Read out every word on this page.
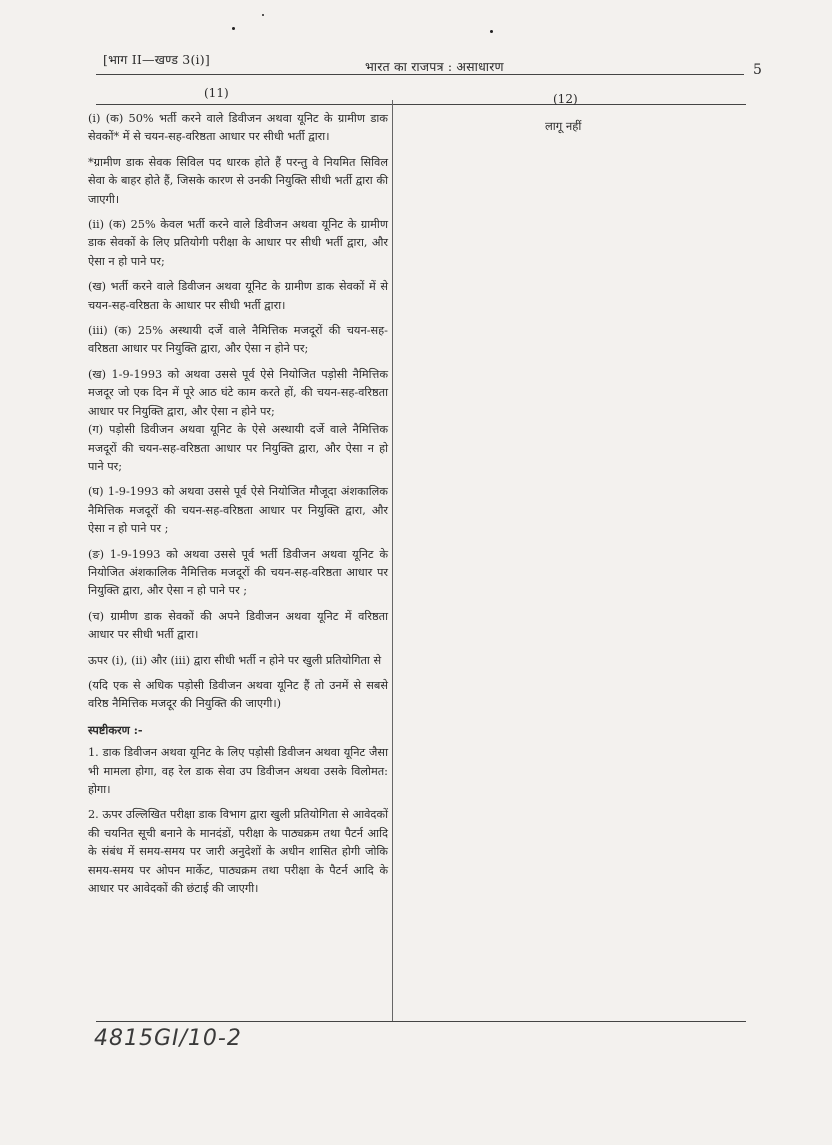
[भाग II—खण्ड 3(i)]	भारत का राजपत्र : असाधारण	5
(11)	(12)

(i) (क) 50% भर्ती करने वाले डिवीजन अथवा यूनिट के ग्रामीण डाक सेवकों* में से चयन-सह-वरिष्ठता आधार पर सीधी भर्ती द्वारा।

*ग्रामीण डाक सेवक सिविल पद धारक होते हैं परन्तु वे नियमित सिविल सेवा के बाहर होते हैं, जिसके कारण से उनकी नियुक्ति सीधी भर्ती द्वारा की जाएगी।

(ii) (क) 25% केवल भर्ती करने वाले डिवीजन अथवा यूनिट के ग्रामीण डाक सेवकों के लिए प्रतियोगी परीक्षा के आधार पर सीधी भर्ती द्वारा, और ऐसा न हो पाने पर;

(ख) भर्ती करने वाले डिवीजन अथवा यूनिट के ग्रामीण डाक सेवकों में से चयन-सह-वरिष्ठता के आधार पर सीधी भर्ती द्वारा।

(iii) (क) 25% अस्थायी दर्जे वाले नैमित्तिक मजदूरों की चयन-सह-वरिष्ठता आधार पर नियुक्ति द्वारा, और ऐसा न होने पर;

(ख) 1-9-1993 को अथवा उससे पूर्व ऐसे नियोजित पड़ोसी नैमित्तिक मजदूर जो एक दिन में पूरे आठ घंटे काम करते हों, की चयन-सह-वरिष्ठता आधार पर नियुक्ति द्वारा, और ऐसा न होने पर;

(ग) पड़ोसी डिवीजन अथवा यूनिट के ऐसे अस्थायी दर्जे वाले नैमित्तिक मजदूरों की चयन-सह-वरिष्ठता आधार पर नियुक्ति द्वारा, और ऐसा न हो पाने पर;

(घ) 1-9-1993 को अथवा उससे पूर्व ऐसे नियोजित मौजूदा अंशकालिक नैमित्तिक मजदूरों की चयन-सह-वरिष्ठता आधार पर नियुक्ति द्वारा, और ऐसा न हो पाने पर ;

(ङ) 1-9-1993 को अथवा उससे पूर्व भर्ती डिवीजन अथवा यूनिट के नियोजित अंशकालिक नैमित्तिक मजदूरों की चयन-सह-वरिष्ठता आधार पर नियुक्ति द्वारा, और ऐसा न हो पाने पर ;

(च) ग्रामीण डाक सेवकों की अपने डिवीजन अथवा यूनिट में वरिष्ठता आधार पर सीधी भर्ती द्वारा।

ऊपर (i), (ii) और (iii) द्वारा सीधी भर्ती न होने पर खुली प्रतियोगिता से

(यदि एक से अधिक पड़ोसी डिवीजन अथवा यूनिट हैं तो उनमें से सबसे वरिष्ठ नैमित्तिक मजदूर की नियुक्ति की जाएगी।)

स्पष्टीकरण :-

1. डाक डिवीजन अथवा यूनिट के लिए पड़ोसी डिवीजन अथवा यूनिट जैसा भी मामला होगा, वह रेल डाक सेवा उप डिवीजन अथवा उसके विलोमत: होगा।

2. ऊपर उल्लिखित परीक्षा डाक विभाग द्वारा खुली प्रतियोगिता से आवेदकों की चयनित सूची बनाने के मानदंडों, परीक्षा के पाठ्यक्रम तथा पैटर्न आदि के संबंध में समय-समय पर जारी अनुदेशों के अधीन शासित होगी जोकि समय-समय पर ओपन मार्केट, पाठ्यक्रम तथा परीक्षा के पैटर्न आदि के आधार पर आवेदकों की छंटाई की जाएगी।

लागू नहीं
4815GI/10-2
